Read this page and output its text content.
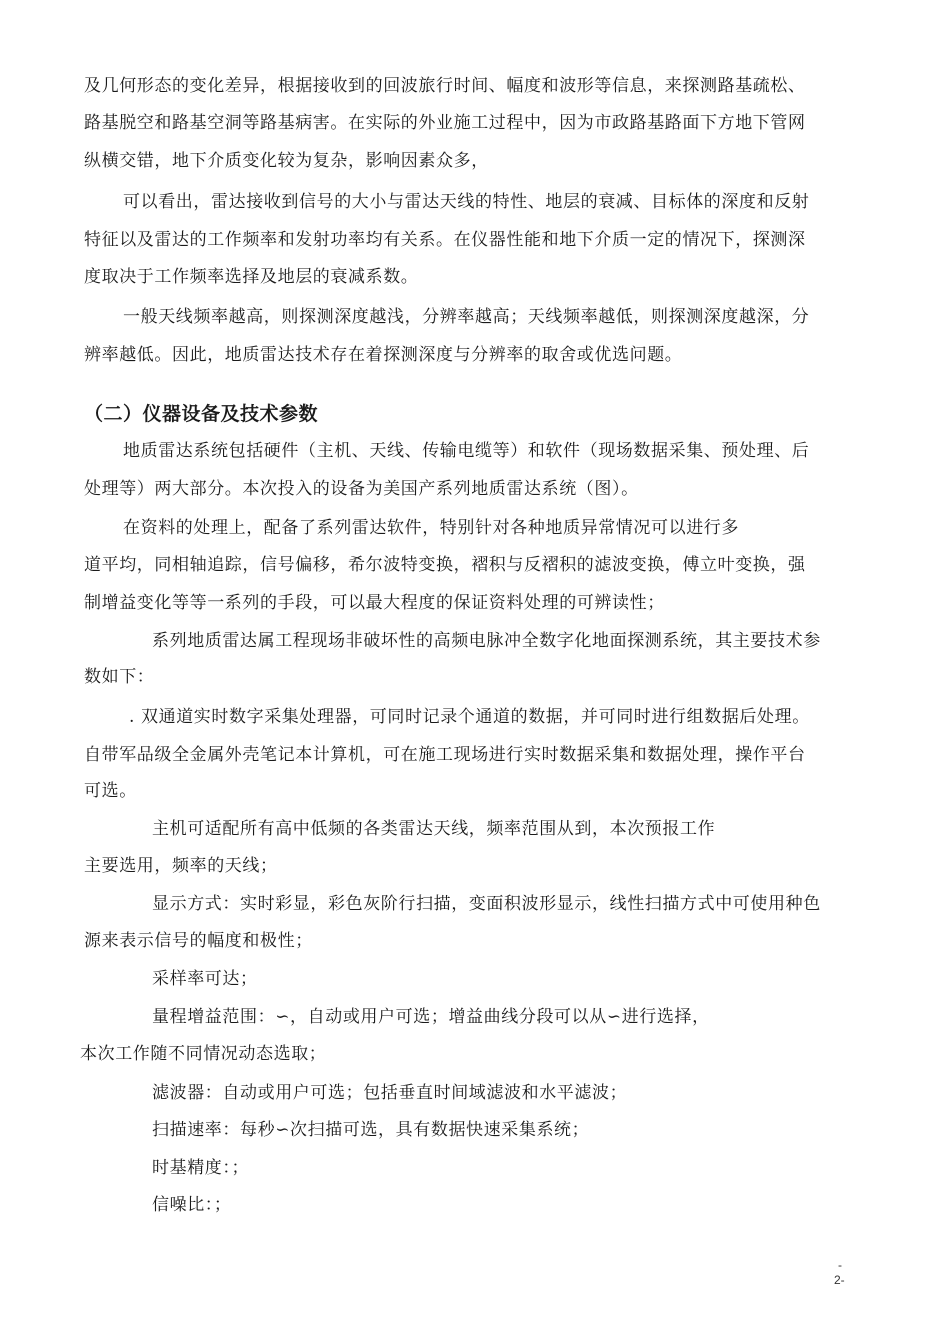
及几何形态的变化差异，根据接收到的回波旅行时间、幅度和波形等信息，来探测路基疏松、
路基脱空和路基空洞等路基病害。在实际的外业施工过程中，因为市政路基路面下方地下管网
纵横交错，地下介质变化较为复杂，影响因素众多，
可以看出，雷达接收到信号的大小与雷达天线的特性、地层的衰减、目标体的深度和反射
特征以及雷达的工作频率和发射功率均有关系。在仪器性能和地下介质一定的情况下，探测深
度取决于工作频率选择及地层的衰减系数。
一般天线频率越高，则探测深度越浅，分辨率越高；天线频率越低，则探测深度越深，分
辨率越低。因此，地质雷达技术存在着探测深度与分辨率的取舍或优选问题。
（二）仪器设备及技术参数
地质雷达系统包括硬件（主机、天线、传输电缆等）和软件（现场数据采集、预处理、后
处理等）两大部分。本次投入的设备为美国产系列地质雷达系统（图）。
在资料的处理上，配备了系列雷达软件，特别针对各种地质异常情况可以进行多
道平均，同相轴追踪，信号偏移，希尔波特变换，褶积与反褶积的滤波变换，傅立叶变换，强
制增益变化等等一系列的手段，可以最大程度的保证资料处理的可辨读性；
系列地质雷达属工程现场非破坏性的高频电脉冲全数字化地面探测系统，其主要技术参
数如下：
. 双通道实时数字采集处理器，可同时记录个通道的数据，并可同时进行组数据后处理。
自带军品级全金属外壳笔记本计算机，可在施工现场进行实时数据采集和数据处理，操作平台
可选。
主机可适配所有高中低频的各类雷达天线，频率范围从到，本次预报工作
主要选用，频率的天线；
显示方式：实时彩显，彩色灰阶行扫描，变面积波形显示，线性扫描方式中可使用种色
源来表示信号的幅度和极性；
采样率可达；
量程增益范围：∽，自动或用户可选；增益曲线分段可以从∽进行选择，
本次工作随不同情况动态选取；
滤波器：自动或用户可选；包括垂直时间域滤波和水平滤波；
扫描速率：每秒∽次扫描可选，具有数据快速采集系统；
时基精度：；
信噪比：；
-
2-
